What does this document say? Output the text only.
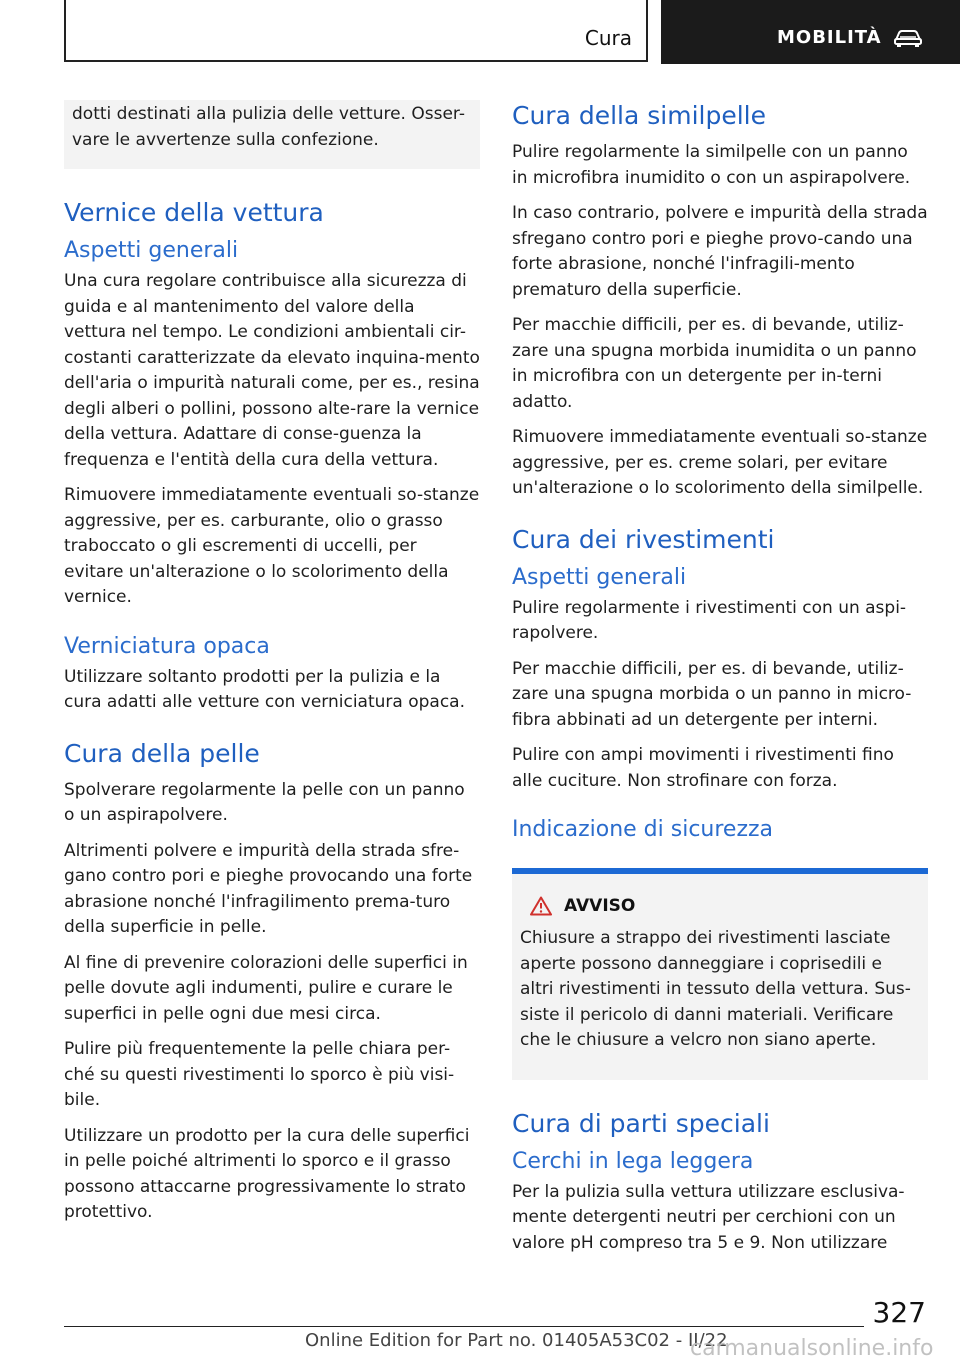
Cura	MOBILITÀ

dotti destinati alla pulizia delle vetture. Osser-vare le avvertenze sulla confezione.

Vernice della vettura
Aspetti generali

Una cura regolare contribuisce alla sicurezza di guida e al mantenimento del valore della vettura nel tempo. Le condizioni ambientali cir-costanti caratterizzate da elevato inquina-mento dell'aria o impurità naturali come, per es., resina degli alberi o pollini, possono alte-rare la vernice della vettura. Adattare di conse-guenza la frequenza e l'entità della cura della vettura.

Rimuovere immediatamente eventuali so-stanze aggressive, per es. carburante, olio o grasso traboccato o gli escrementi di uccelli, per evitare un'alterazione o lo scolorimento della vernice.

Verniciatura opaca

Utilizzare soltanto prodotti per la pulizia e la cura adatti alle vetture con verniciatura opaca.

Cura della pelle

Spolverare regolarmente la pelle con un panno o un aspirapolvere.

Altrimenti polvere e impurità della strada sfre-gano contro pori e pieghe provocando una forte abrasione nonché l'infragilimento prema-turo della superficie in pelle.

Al fine di prevenire colorazioni delle superfici in pelle dovute agli indumenti, pulire e curare le superfici in pelle ogni due mesi circa.

Pulire più frequentemente la pelle chiara per-ché su questi rivestimenti lo sporco è più visi-bile.

Utilizzare un prodotto per la cura delle superfici in pelle poiché altrimenti lo sporco e il grasso possono attaccarne progressivamente lo strato protettivo.

Cura della similpelle

Pulire regolarmente la similpelle con un panno in microfibra inumidito o con un aspirapolvere.

In caso contrario, polvere e impurità della strada sfregano contro pori e pieghe provo-cando una forte abrasione, nonché l'infragili-mento prematuro della superficie.

Per macchie difficili, per es. di bevande, utiliz-zare una spugna morbida inumidita o un panno in microfibra con un detergente per in-terni adatto.

Rimuovere immediatamente eventuali so-stanze aggressive, per es. creme solari, per evitare un'alterazione o lo scolorimento della similpelle.

Cura dei rivestimenti
Aspetti generali

Pulire regolarmente i rivestimenti con un aspi-rapolvere.

Per macchie difficili, per es. di bevande, utiliz-zare una spugna morbida o un panno in micro-fibra abbinati ad un detergente per interni.

Pulire con ampi movimenti i rivestimenti fino alle cuciture. Non strofinare con forza.

Indicazione di sicurezza
AVVISO

Chiusure a strappo dei rivestimenti lasciate aperte possono danneggiare i coprisedili e altri rivestimenti in tessuto della vettura. Sus-siste il pericolo di danni materiali. Verificare che le chiusure a velcro non siano aperte.

Cura di parti speciali
Cerchi in lega leggera

Per la pulizia sulla vettura utilizzare esclusiva-mente detergenti neutri per cerchioni con un valore pH compreso tra 5 e 9. Non utilizzare

327
Online Edition for Part no. 01405A53C02 - II/22
carmanualsonline.info
